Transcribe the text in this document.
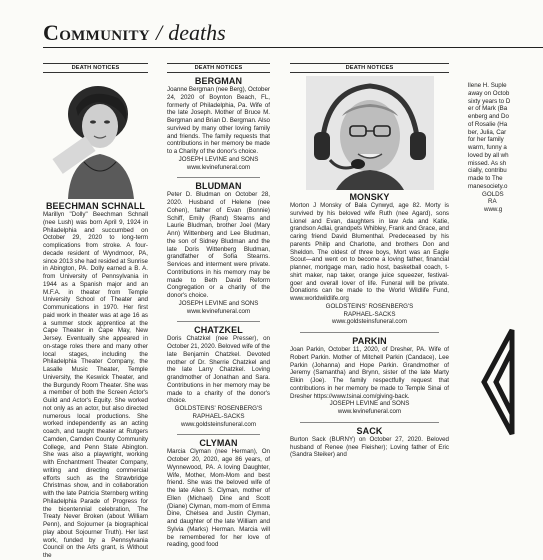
Community / deaths
DEATH NOTICES
BEECHMAN SCHNALL
Marillyn "Dolly" Beechman Schnall (nee Lush) was born April 9, 1924 in Philadelphia and succumbed on October 29, 2020 to long-term complications from stroke. A four-decade resident of Wyndmoor, PA, since 2013 she had resided at Sunrise in Abington, PA. Dolly earned a B. A. from University of Pennsylvania in 1944 as a Spanish major and an M.F.A. in theater from Temple University School of Theater and Communications in 1970. Her first paid work in theater was at age 16 as a summer stock apprentice at the Cape Theater in Cape May, New Jersey. Eventually she appeared in on-stage roles there and many other local stages, including the Philadelphia Theater Company, the Lasalle Music Theater, Temple University, the Keswick Theater, and the Burgundy Room Theater. She was a member of both the Screen Actor's Guild and Actor's Equity. She worked not only as an actor, but also directed numerous local productions. She worked independently as an acting coach, and taught theater at Rutgers Camden, Camden County Community College, and Penn State Abington. She was also a playwright, working with Enchantment Theater Company, writing and directing commercial efforts such as the Strawbridge Christmas show, and in collaboration with the late Patricia Sternberg writing Philadelphia Parade of Progress for the bicentennial celebration, The Treaty Never Broken (about William Penn), and Sojourner (a biographical play about Sojourner Truth). Her last work, funded by a Pennsylvania Council on the Arts grant, is Without the
DEATH NOTICES
BERGMAN
Joanne Bergman (nee Berg), October 24, 2020 of Boynton Beach, FL, formerly of Philadelphia, Pa. Wife of the late Joseph. Mother of Bruce M. Bergman and Brian D. Bergman. Also survived by many other loving family and friends. The family requests that contributions in her memory be made to a Charity of the donor's choice.
JOSEPH LEVINE and SONS
www.levinefuneral.com
BLUDMAN
Peter D. Bludman on October 28, 2020. Husband of Helene (nee Cohen), father of Evan (Bonnie) Schiff, Emily (Rand) Stearns and Laurie Bludman, brother Joel (Mary Ann) Wittenberg and Lee Bludman, the son of Sidney Bludman and the late Doris Wittenberg Bludman, grandfather of Sofia Stearns. Services and interment were private. Contributions in his memory may be made to Beth David Reform Congregation or a charity of the donor's choice.
JOSEPH LEVINE and SONS
www.levinefuneral.com
CHATZKEL
Doris Chatzkel (nee Presser), on October 21, 2020. Beloved wife of the late Benjamin Chatzkel. Devoted mother of Dr. Sherrie Chatzkel and the late Larry Chatzkel. Loving grandmother of Jonathan and Sara. Contributions in her memory may be made to a charity of the donor's choice.
GOLDSTEINS' ROSENBERG'S
RAPHAEL-SACKS
www.goldsteinsfuneral.com
CLYMAN
Marcia Clyman (nee Herman), On October 20, 2020, age 86 years, of Wynnewood, PA. A loving Daughter, Wife, Mother, Mom-Mom and best friend. She was the beloved wife of the late Allen S. Clyman, mother of Ellen (Michael) Dine and Scott (Diane) Clyman, mom-mom of Emma Dine, Chelsea and Justin Clyman, and daughter of the late William and Sylvia (Marks) Herman. Marcia will be remembered for her love of reading, good food
DEATH NOTICES
MONSKY
Morton J Monsky of Bala Cynwyd, age 82. Morty is survived by his beloved wife Ruth (nee Agard), sons Lionel and Evan, daughters in law Ada and Katie, grandson Adlai, grandpets Whibley, Frank and Grace, and caring friend David Blumenthal. Predeceased by his parents Philip and Charlotte, and brothers Don and Sheldon. The oldest of three boys, Mort was an Eagle Scout—and went on to become a loving father, financial planner, mortgage man, radio host, basketball coach, t-shirt maker, nap taker, orange juice squeezer, festival-goer and overall lover of life. Funeral will be private. Donations can be made to the World Wildlife Fund, www.worldwildlife.org
GOLDSTEINS' ROSENBERG'S
RAPHAEL-SACKS
www.goldsteinsfuneral.com
PARKIN
Joan Parkin, October 11, 2020, of Dresher, PA. Wife of Robert Parkin. Mother of Mitchell Parkin (Candace), Lee Parkin (Johanna) and Hope Parkin. Grandmother of Jeremy (Samantha) and Brynn, sister of the late Marty Elkin (Joe). The family respectfully request that contributions in her memory be made to Temple Sinai of Dresher https://www.tsinai.com/giving-back.
JOSEPH LEVINE and SONS
www.levinefuneral.com
SACK
Burton Sack (BURNY) on October 27, 2020. Beloved husband of Renee (nee Fleisher); Loving father of Eric (Sandra Steiker) and
llene H. Suple
away on Octob
sixty years to D
er of Mark (Ba
enberg and Do
of Rosalie (Ha
ber, Julia, Car
for her family
warm, funny a
loved by all wh
missed. As sh
cially, contribu
made to The
manesociety.o
GOLDS
RA
www.g
